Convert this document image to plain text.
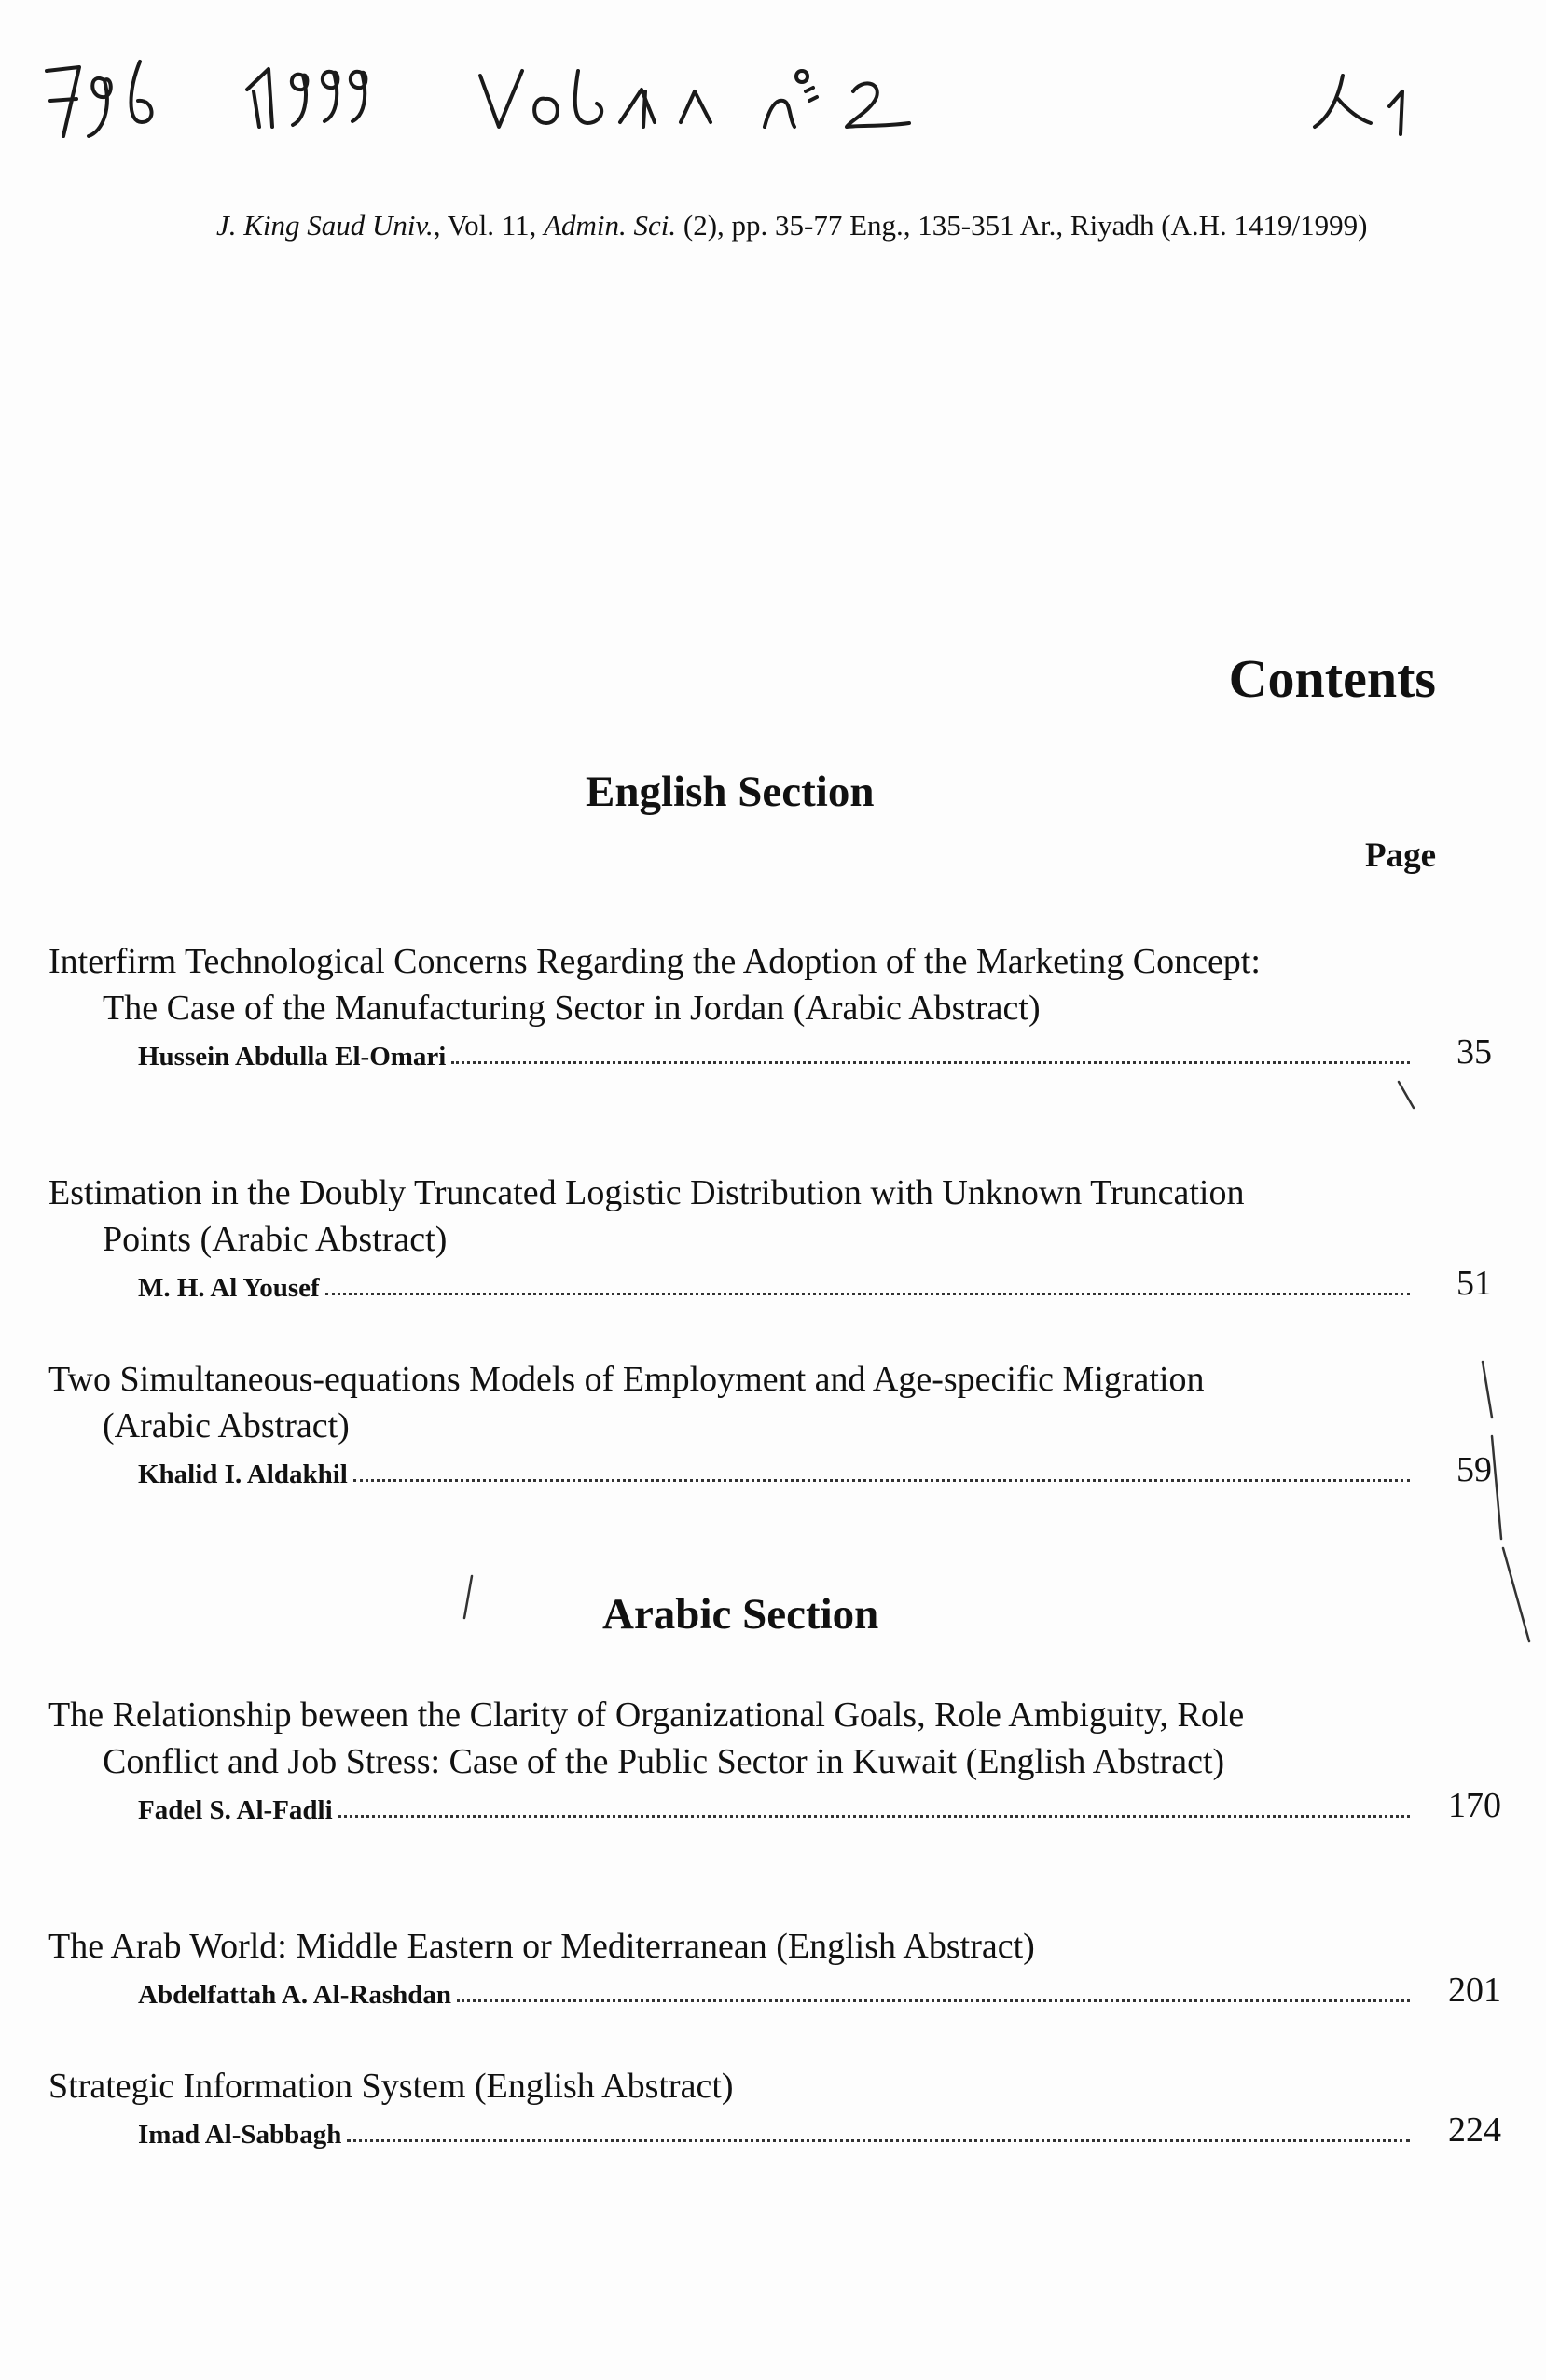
J. King Saud Univ., Vol. 11, Admin. Sci. (2), pp. 35-77 Eng., 135-351 Ar., Riyadh (A.H. 1419/1999)
Contents
English Section
Page
Interfirm Technological Concerns Regarding the Adoption of the Marketing Concept: The Case of the Manufacturing Sector in Jordan (Arabic Abstract)
Hussein Abdulla El-Omari	35
Estimation in the Doubly Truncated Logistic Distribution with Unknown Truncation Points (Arabic Abstract)
M. H. Al Yousef	51
Two Simultaneous-equations Models of Employment and Age-specific Migration (Arabic Abstract)
Khalid I. Aldakhil	59
Arabic Section
The Relationship beween the Clarity of Organizational Goals, Role Ambiguity, Role Conflict and Job Stress: Case of the Public Sector in Kuwait (English Abstract)
Fadel S. Al-Fadli	170
The Arab World: Middle Eastern or Mediterranean (English Abstract)
Abdelfattah A. Al-Rashdan	201
Strategic Information System (English Abstract)
Imad Al-Sabbagh	224
